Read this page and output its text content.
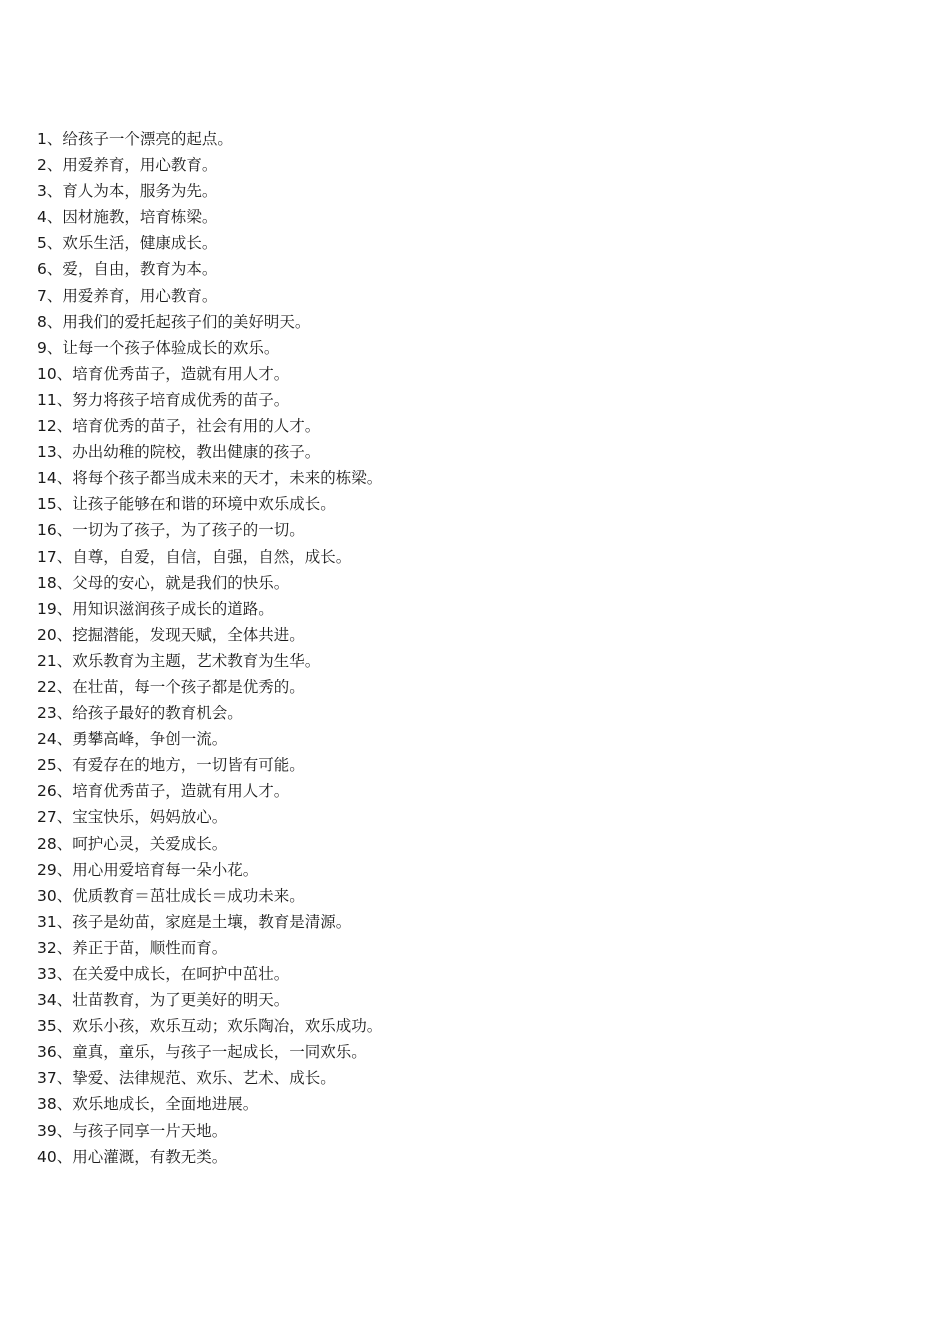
1、给孩子一个漂亮的起点。
2、用爱养育，用心教育。
3、育人为本，服务为先。
4、因材施教，培育栋梁。
5、欢乐生活，健康成长。
6、爱，自由，教育为本。
7、用爱养育，用心教育。
8、用我们的爱托起孩子们的美好明天。
9、让每一个孩子体验成长的欢乐。
10、培育优秀苗子，造就有用人才。
11、努力将孩子培育成优秀的苗子。
12、培育优秀的苗子，社会有用的人才。
13、办出幼稚的院校，教出健康的孩子。
14、将每个孩子都当成未来的天才，未来的栋梁。
15、让孩子能够在和谐的环境中欢乐成长。
16、一切为了孩子，为了孩子的一切。
17、自尊，自爱，自信，自强，自然，成长。
18、父母的安心，就是我们的快乐。
19、用知识滋润孩子成长的道路。
20、挖掘潜能，发现天赋，全体共进。
21、欢乐教育为主题，艺术教育为生华。
22、在壮苗，每一个孩子都是优秀的。
23、给孩子最好的教育机会。
24、勇攀高峰，争创一流。
25、有爱存在的地方，一切皆有可能。
26、培育优秀苗子，造就有用人才。
27、宝宝快乐，妈妈放心。
28、呵护心灵，关爱成长。
29、用心用爱培育每一朵小花。
30、优质教育＝茁壮成长＝成功未来。
31、孩子是幼苗，家庭是土壤，教育是清源。
32、养正于苗，顺性而育。
33、在关爱中成长，在呵护中茁壮。
34、壮苗教育，为了更美好的明天。
35、欢乐小孩，欢乐互动；欢乐陶冶，欢乐成功。
36、童真，童乐，与孩子一起成长，一同欢乐。
37、挚爱、法律规范、欢乐、艺术、成长。
38、欢乐地成长，全面地进展。
39、与孩子同享一片天地。
40、用心灌溉，有教无类。
